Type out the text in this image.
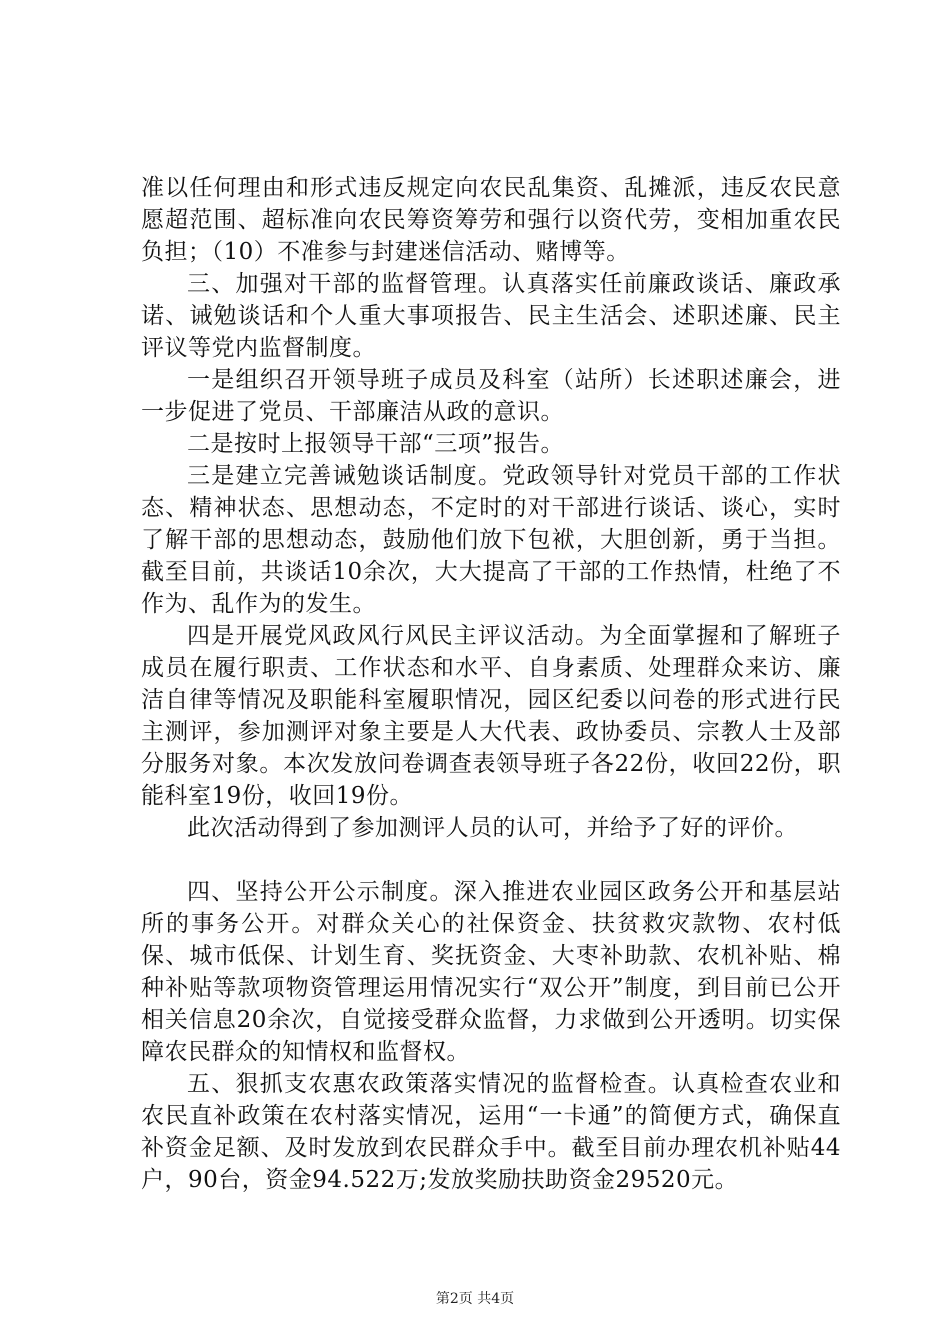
准以任何理由和形式违反规定向农民乱集资、乱摊派，违反农民意愿超范围、超标准向农民筹资筹劳和强行以资代劳，变相加重农民负担；（10）不准参与封建迷信活动、赌博等。

三、加强对干部的监督管理。认真落实任前廉政谈话、廉政承诺、诫勉谈话和个人重大事项报告、民主生活会、述职述廉、民主评议等党内监督制度。

一是组织召开领导班子成员及科室（站所）长述职述廉会，进一步促进了党员、干部廉洁从政的意识。

二是按时上报领导干部“三项”报告。

三是建立完善诫勉谈话制度。党政领导针对党员干部的工作状态、精神状态、思想动态，不定时的对干部进行谈话、谈心，实时了解干部的思想动态，鼓励他们放下包袱，大胆创新，勇于当担。截至目前，共谈话10余次，大大提高了干部的工作热情，杜绝了不作为、乱作为的发生。

四是开展党风政风行风民主评议活动。为全面掌握和了解班子成员在履行职责、工作状态和水平、自身素质、处理群众来访、廉洁自律等情况及职能科室履职情况，园区纪委以问卷的形式进行民主测评，参加测评对象主要是人大代表、政协委员、宗教人士及部分服务对象。本次发放问卷调查表领导班子各22份，收回22份，职能科室19份，收回19份。

此次活动得到了参加测评人员的认可，并给予了好的评价。

四、坚持公开公示制度。深入推进农业园区政务公开和基层站所的事务公开。对群众关心的社保资金、扶贫救灾款物、农村低保、城市低保、计划生育、奖抚资金、大枣补助款、农机补贴、棉种补贴等款项物资管理运用情况实行“双公开”制度，到目前已公开相关信息20余次，自觉接受群众监督，力求做到公开透明。切实保障农民群众的知情权和监督权。

五、狠抓支农惠农政策落实情况的监督检查。认真检查农业和农民直补政策在农村落实情况，运用“一卡通”的简便方式，确保直补资金足额、及时发放到农民群众手中。截至目前办理农机补贴44户，90台，资金94.522万;发放奖励扶助资金29520元。

第2页 共4页
